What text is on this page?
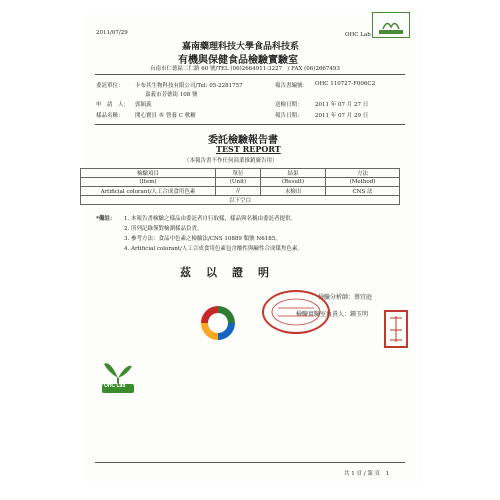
2011/07/29	OHC Lab
嘉南藥理科技大學食品科技系
有機與保健食品檢驗實驗室
台南市仁德區二仁路 60 號/TEL (06)2664911-3227　/ FAX (06)2667493
委託單位： 卡布其生物科技有限公司/Tel: 05-2281757
嘉義市芳德街 108 號
申　請　人： 郭穎義
樣品名稱： 開心寶貝 ® 營養 C 軟糖
報告書編號： OHC 110727-F006C2
送檢日期： 2011 年 07 月 27 日
報告日期： 2011 年 07 月 29 日
委託檢驗報告書
TEST REPORT
（本報告書不作任何商業推銷廣告用）
檢驗項目	單位	結果	方法
(Item)	(Unit)	(Result)	(Method)
Artificial colorant/人工合成食用色素	//	未檢出	CNS 法
以下空白			
*備註： 1. 本報告書檢驗之樣品由委託者自行取樣，樣品與名稱由委託者提供。
2. 所列記錄僅對檢測樣品負責。
3. 參考方法：食品中色素之檢驗法/CNS 10889 類號 N6185。
4. Artificial colorant/人工合成食用色素包含酸性與鹼性合成煤焦色素。
茲　以　證　明
檢驗分析師：蔡宜庭
檢驗實驗室負責人：鍾玉明
OHC Lab
共 1 頁 / 第 頁　1
